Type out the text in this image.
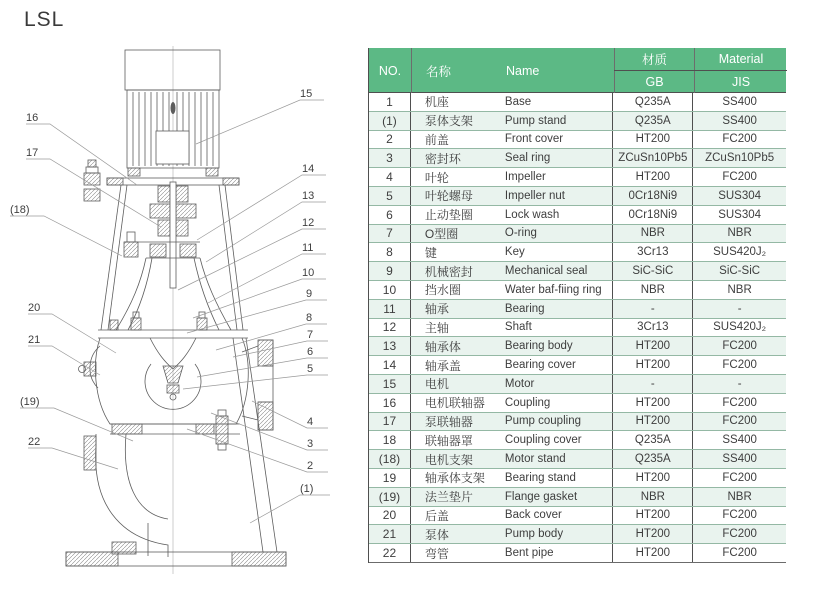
LSL
16
17
(18)
20
21
(19)
22
15
14
13
12
11
10
9
8
7
6
5
4
3
2
(1)
NO. 名称	Name
材质	Material
GB	JIS
1	机座	Base	Q235A	SS400
(1)	泵体支架	Pump stand	Q235A	SS400
2	前盖	Front cover	HT200	FC200
3	密封环	Seal ring	ZCuSn10Pb5	ZCuSn10Pb5
4	叶轮	Impeller	HT200	FC200
5	叶轮螺母	Impeller nut	0Cr18Ni9	SUS304
6	止动垫圈	Lock wash	0Cr18Ni9	SUS304
7	O型圈	O-ring	NBR	NBR
8	键	Key	3Cr13	SUS420J₂
9	机械密封	Mechanical seal	SiC-SiC	SiC-SiC
10	挡水圈	Water baf-fiing ring	NBR	NBR
11	轴承	Bearing	-	-
12	主轴	Shaft	3Cr13	SUS420J₂
13	轴承体	Bearing body	HT200	FC200
14	轴承盖	Bearing cover	HT200	FC200
15	电机	Motor	-	-
16	电机联轴器 Coupling	HT200	FC200
17	泵联轴器	Pump coupling	HT200	FC200
18	联轴器罩	Coupling cover	Q235A	SS400
(18)	电机支架	Motor stand	Q235A	SS400
19	轴承体支架 Bearing stand	HT200	FC200
(19)	法兰垫片	Flange gasket	NBR	NBR
20	后盖	Back cover	HT200	FC200
21	泵体	Pump body	HT200	FC200
22	弯管	Bent pipe	HT200	FC200
